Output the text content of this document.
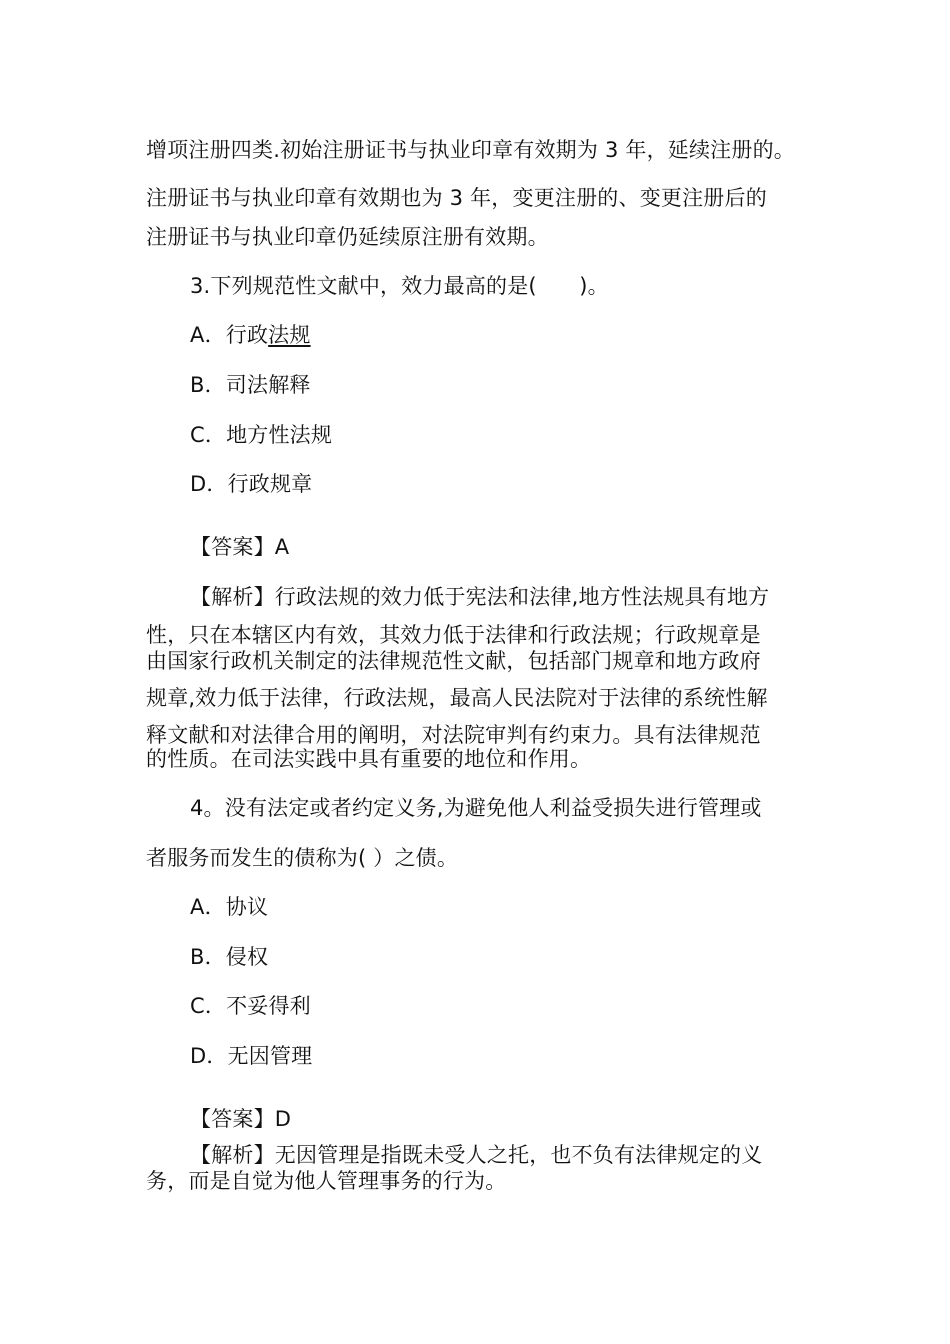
增项注册四类.初始注册证书与执业印章有效期为 3 年，延续注册的。
注册证书与执业印章有效期也为 3 年，变更注册的、变更注册后的
注册证书与执业印章仍延续原注册有效期。
3.下列规范性文献中，效力最高的是(　　)。
A．行政法规
B．司法解释
C．地方性法规
D．行政规章
【答案】A
【解析】行政法规的效力低于宪法和法律,地方性法规具有地方
性，只在本辖区内有效，其效力低于法律和行政法规；行政规章是
由国家行政机关制定的法律规范性文献，包括部门规章和地方政府
规章,效力低于法律，行政法规，最高人民法院对于法律的系统性解
释文献和对法律合用的阐明，对法院审判有约束力。具有法律规范
的性质。在司法实践中具有重要的地位和作用。
4。没有法定或者约定义务,为避免他人利益受损失进行管理或
者服务而发生的债称为( ）之债。
A．协议
B．侵权
C．不妥得利
D．无因管理
【答案】D
【解析】无因管理是指既未受人之托，也不负有法律规定的义
务，而是自觉为他人管理事务的行为。
